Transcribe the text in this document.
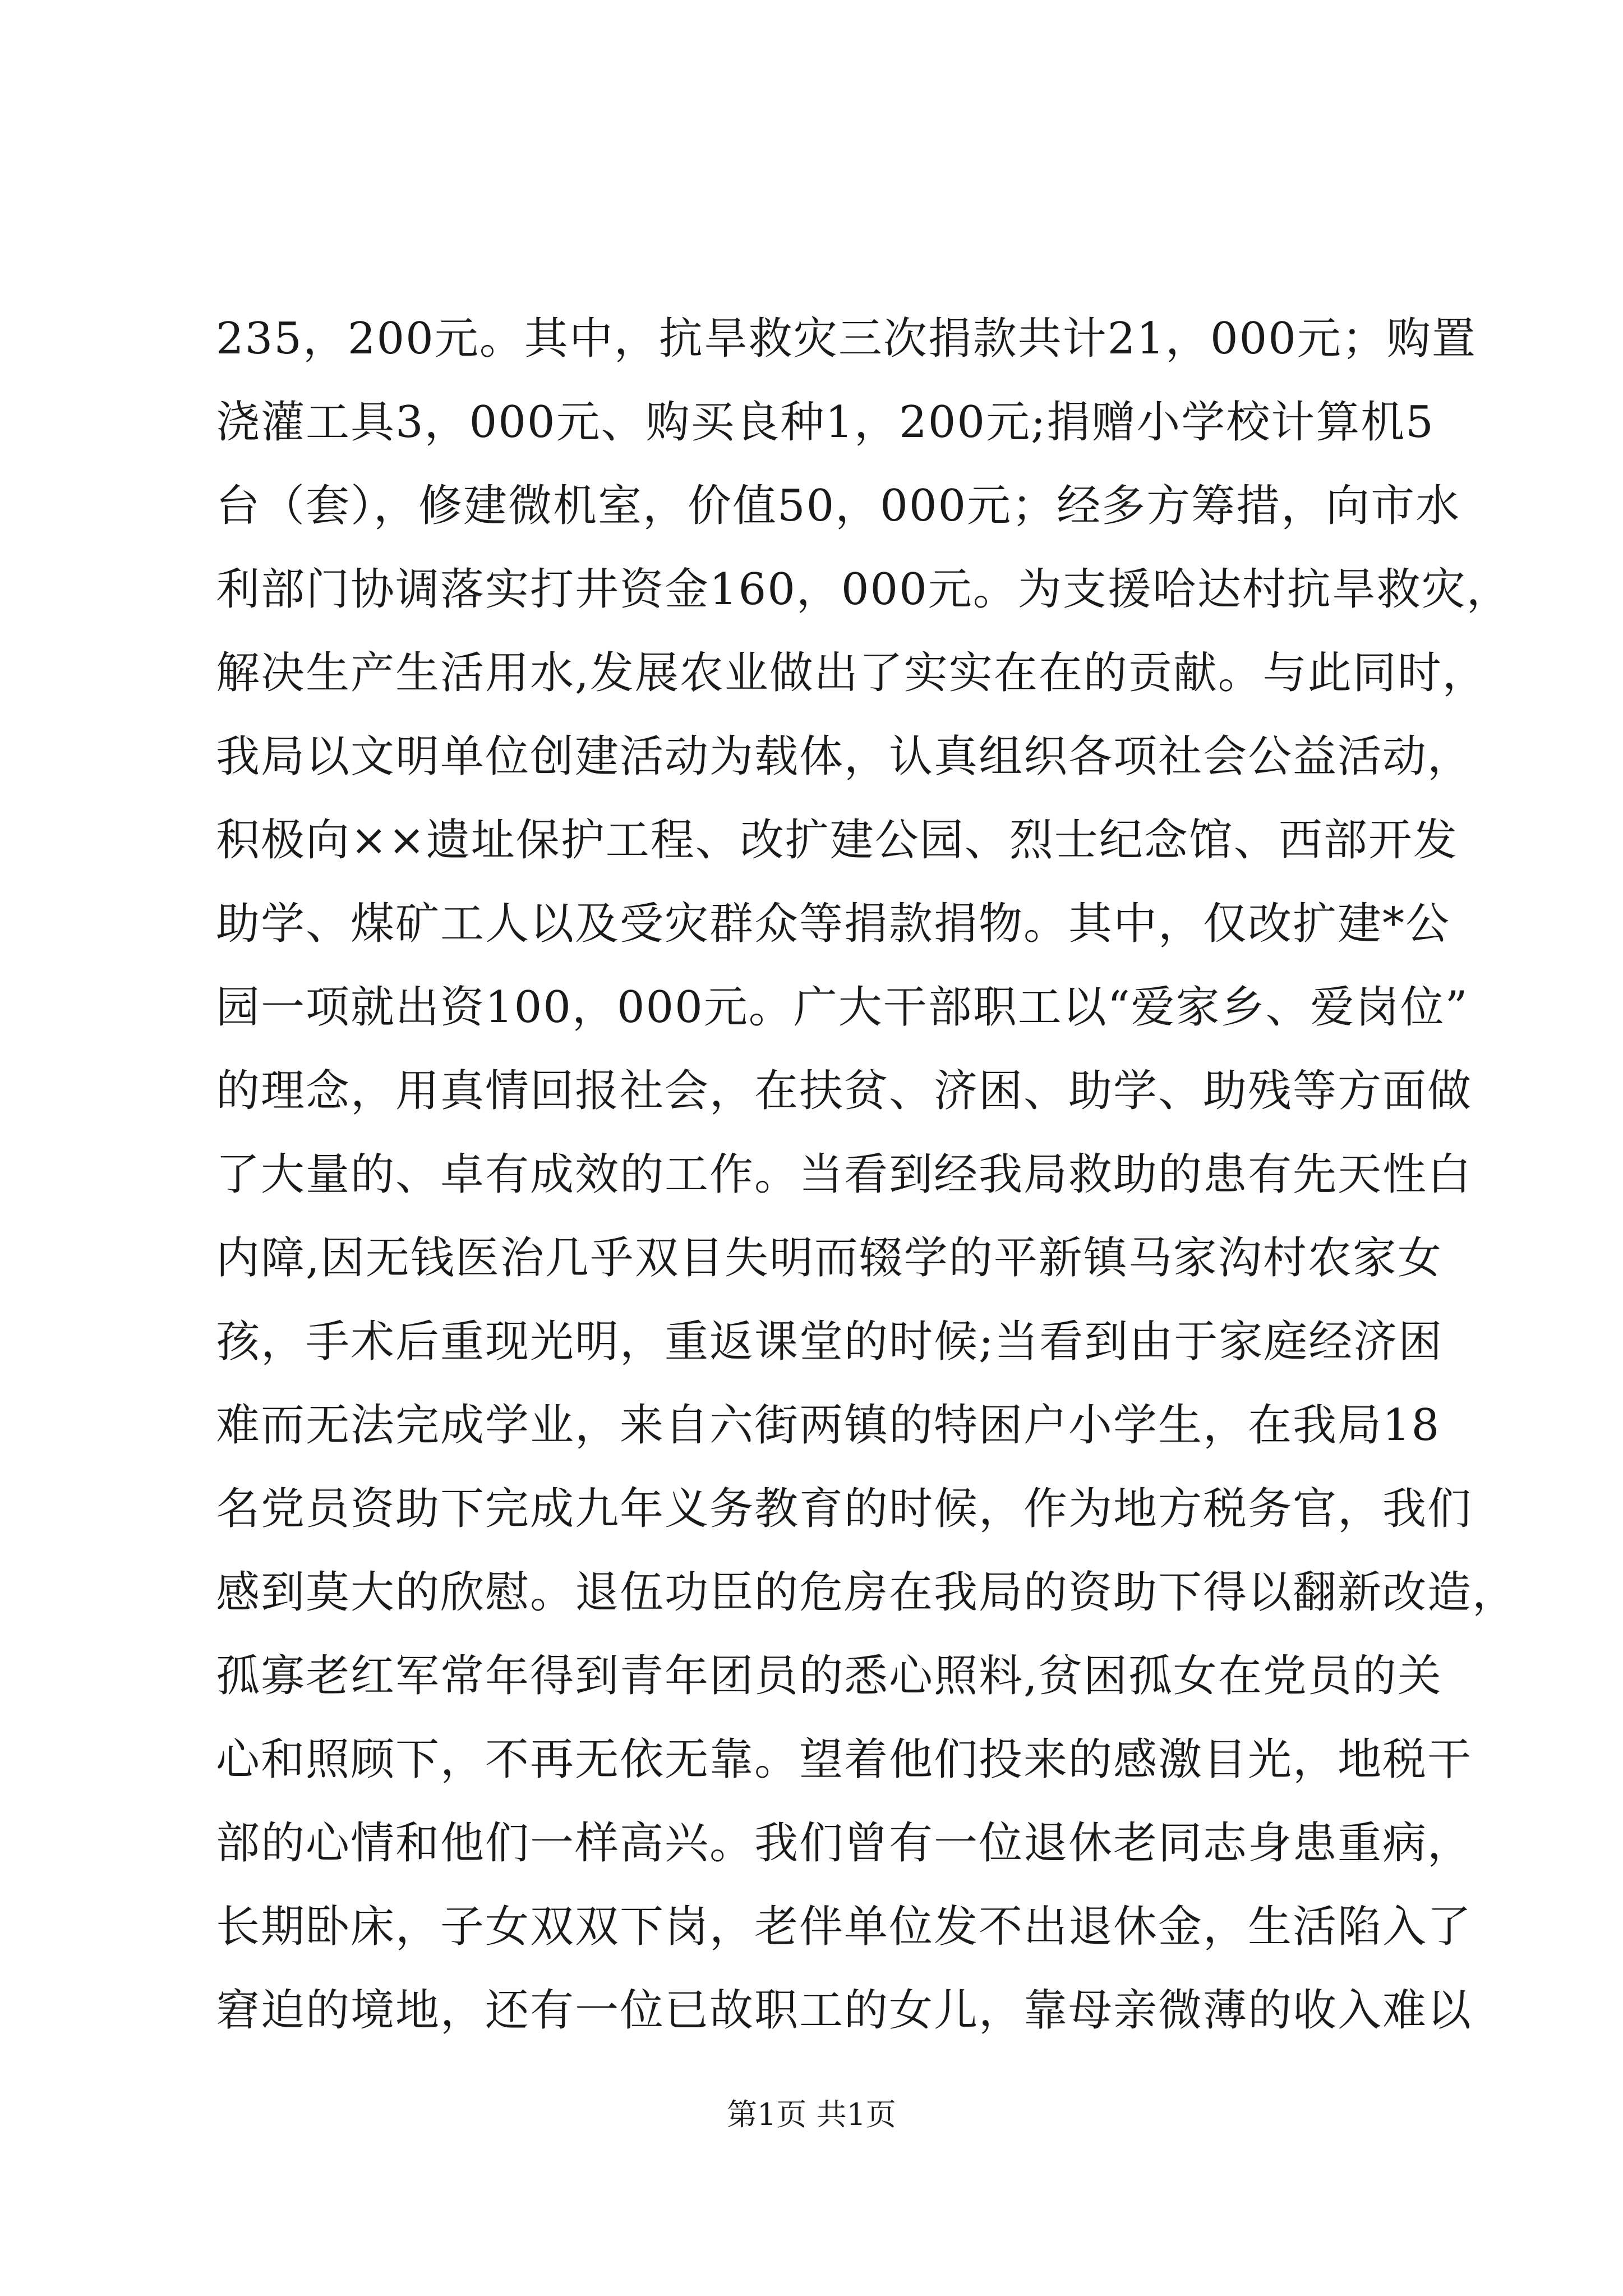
235，200元。其中，抗旱救灾三次捐款共计21，000元；购置
浇灌工具3，000元、购买良种1，200元;捐赠小学校计算机5
台（套），修建微机室，价值50，000元；经多方筹措，向市水
利部门协调落实打井资金160，000元。为支援哈达村抗旱救灾，
解决生产生活用水,发展农业做出了实实在在的贡献。与此同时，
我局以文明单位创建活动为载体，认真组织各项社会公益活动，
积极向××遗址保护工程、改扩建公园、烈士纪念馆、西部开发
助学、煤矿工人以及受灾群众等捐款捐物。其中，仅改扩建*公
园一项就出资100，000元。广大干部职工以“爱家乡、爱岗位”
的理念，用真情回报社会，在扶贫、济困、助学、助残等方面做
了大量的、卓有成效的工作。当看到经我局救助的患有先天性白
内障,因无钱医治几乎双目失明而辍学的平新镇马家沟村农家女
孩，手术后重现光明，重返课堂的时候;当看到由于家庭经济困
难而无法完成学业，来自六街两镇的特困户小学生，在我局18
名党员资助下完成九年义务教育的时候，作为地方税务官，我们
感到莫大的欣慰。退伍功臣的危房在我局的资助下得以翻新改造，
孤寡老红军常年得到青年团员的悉心照料,贫困孤女在党员的关
心和照顾下，不再无依无靠。望着他们投来的感激目光，地税干
部的心情和他们一样高兴。我们曾有一位退休老同志身患重病，
长期卧床，子女双双下岗，老伴单位发不出退休金，生活陷入了
窘迫的境地，还有一位已故职工的女儿，靠母亲微薄的收入难以
第1页 共1页
